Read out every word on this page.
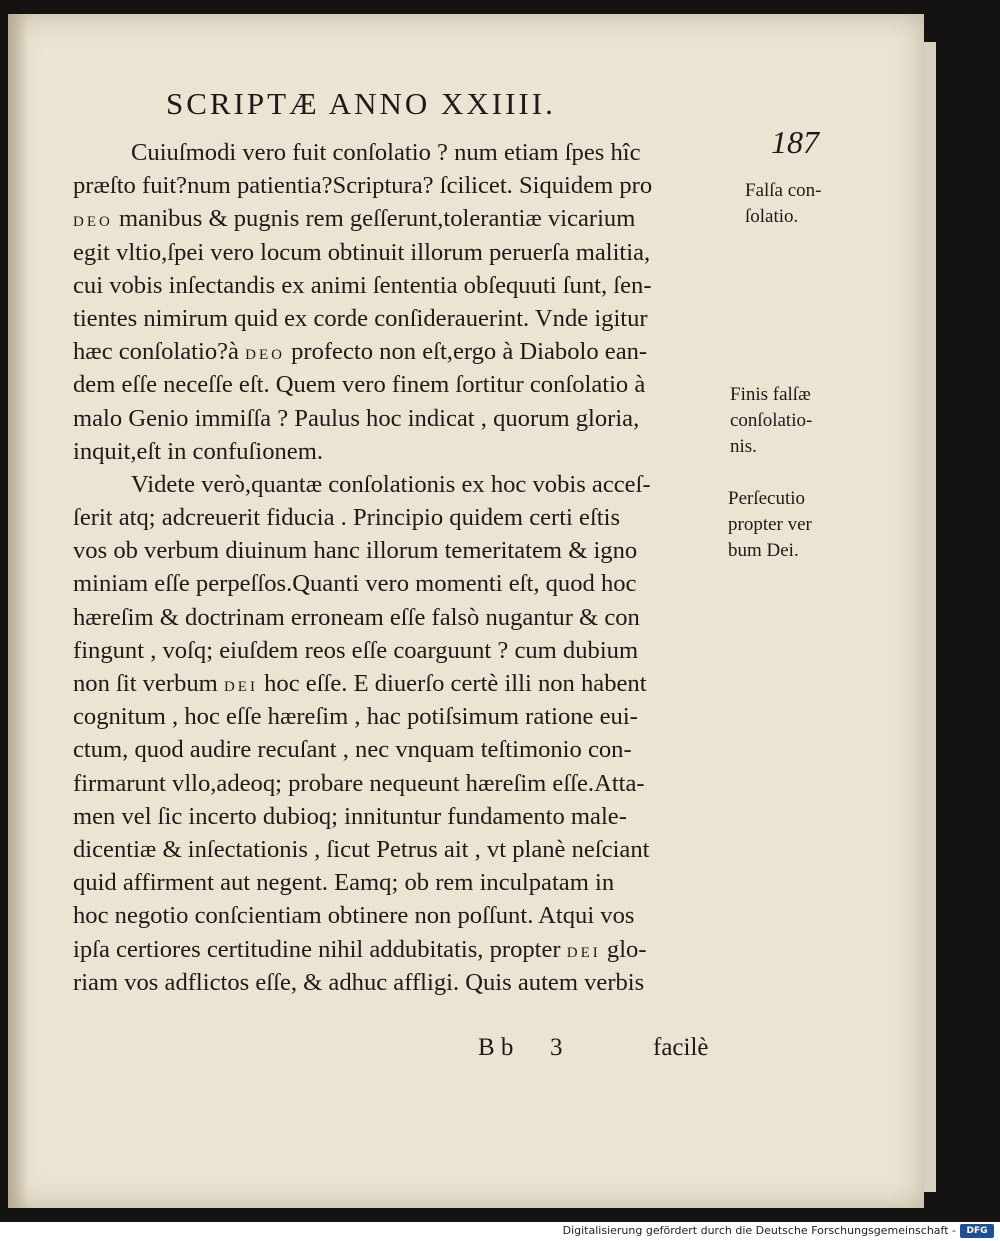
SCRIPTÆ ANNO XXIIII.
187
Cuiuſmodi vero fuit conſolatio ? num etiam ſpes hîc
præſto fuit?num patientia?Scriptura? ſcilicet. Siquidem pro
DEO manibus & pugnis rem geſſerunt,tolerantiæ vicarium
egit vltio,ſpei vero locum obtinuit illorum peruerſa malitia,
cui vobis inſectandis ex animi ſententia obſequuti ſunt, ſen-
tientes nimirum quid ex corde conſiderauerint. Vnde igitur
hæc conſolatio?à DEO profecto non eſt,ergo à Diabolo ean-
dem eſſe neceſſe eſt. Quem vero finem ſortitur conſolatio à
malo Genio immiſſa ? Paulus hoc indicat , quorum gloria,
inquit,eſt in confuſionem.
Videte verò,quantæ conſolationis ex hoc vobis acceſ-
ſerit atq; adcreuerit fiducia . Principio quidem certi eſtis
vos ob verbum diuinum hanc illorum temeritatem & igno
miniam eſſe perpeſſos.Quanti vero momenti eſt, quod hoc
hæreſim & doctrinam erroneam eſſe falsò nugantur & con
fingunt , voſq; eiuſdem reos eſſe coarguunt ? cum dubium
non ſit verbum DEI hoc eſſe. E diuerſo certè illi non habent
cognitum , hoc eſſe hæreſim , hac potiſsimum ratione eui-
ctum, quod audire recuſant , nec vnquam teſtimonio con-
firmarunt vllo,adeoq; probare nequeunt hæreſim eſſe.Atta-
men vel ſic incerto dubioq; innituntur fundamento male-
dicentiæ & inſectationis , ſicut Petrus ait , vt planè neſciant
quid affirment aut negent. Eamq; ob rem inculpatam in
hoc negotio conſcientiam obtinere non poſſunt. Atqui vos
ipſa certiores certitudine nihil addubitatis, propter DEI glo-
riam vos adflictos eſſe, & adhuc affligi. Quis autem verbis
Falſa con-
ſolatio.
Finis falſæ
conſolatio-
nis.
Perſecutio
propter ver
bum Dei.
B b 3	facilè
Digitalisierung gefördert durch die Deutsche Forschungsgemeinschaft -	DFG
